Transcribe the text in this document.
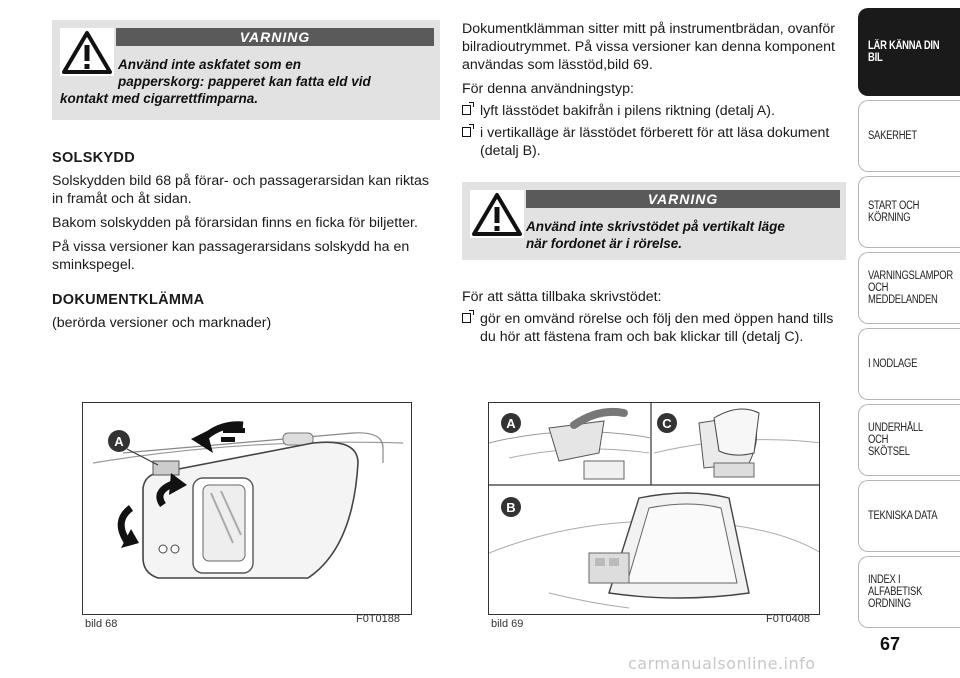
VARNING
Använd inte askfatet som en
papperskorg: papperet kan fatta eld vid
kontakt med cigarrettfimparna.
SOLSKYDD

Solskydden bild 68 på förar- och passagerarsidan kan riktas in framåt och åt sidan.

Bakom solskydden på förarsidan finns en ficka för biljetter.

På vissa versioner kan passagerarsidans solskydd ha en sminkspegel.

DOKUMENTKLÄMMA

(berörda versioner och marknader)

Dokumentklämman sitter mitt på instrumentbrädan, ovanför bilradioutrymmet. På vissa versioner kan denna komponent användas som lässtöd,bild 69.

För denna användningstyp:

lyft lässtödet bakifrån i pilens riktning (detalj A).
i vertikalläge är lässtödet förberett för att läsa dokument (detalj B).
VARNING
Använd inte skrivstödet på vertikalt läge
när fordonet är i rörelse.

För att sätta tillbaka skrivstödet:

gör en omvänd rörelse och följ den med öppen hand tills du hör att fästena fram och bak klickar till (detalj C).
A
bild 68	F0T0188
A	C
B
bild 69	F0T0408
LÄR KÄNNA DIN
BIL
SÄKERHET
START OCH
KÖRNING
VARNINGSLAMPOR
OCH
MEDDELANDEN
I NÖDLÄGE
UNDERHÅLL OCH
SKÖTSEL
TEKNISKA DATA
INDEX I ALFABETISK
ORDNING
67
carmanualsonline.info
